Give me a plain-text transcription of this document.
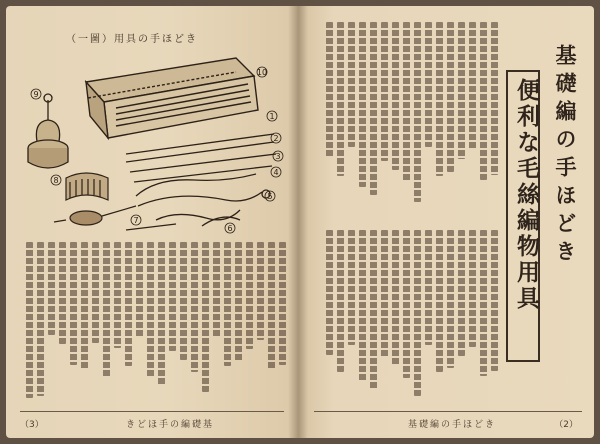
（一圖）用具の手ほどき
10
1
2
3
4
5
9
8
7
6
（3）	きどほ手の編礎基
基礎編の手ほどき
便利な毛絲編物用具
基礎編の手ほどき	（2）
